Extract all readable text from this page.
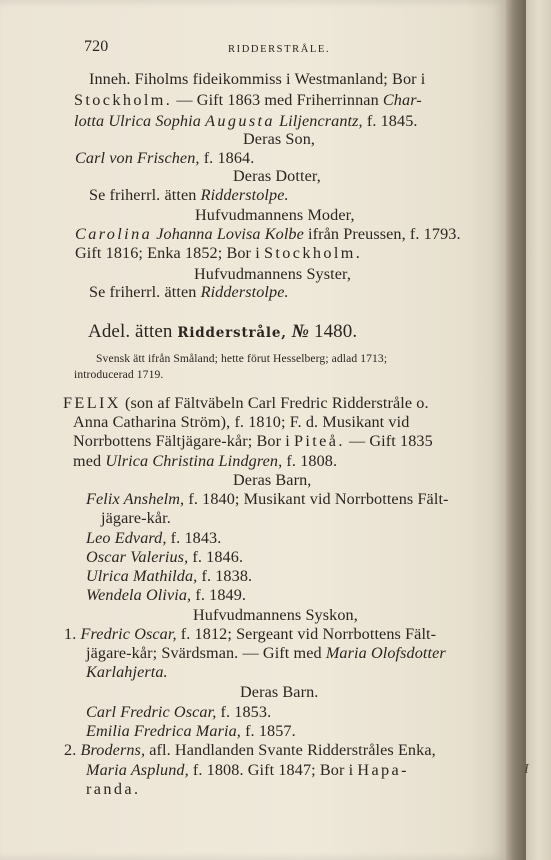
720	RIDDERSTRÅLE.
Inneh. Fiholms fideikommiss i Westmanland; Bor i
Stockholm. — Gift 1863 med Friherrinnan Char-
lotta Ulrica Sophia Augusta Liljencrantz, f. 1845.
Deras Son,
Carl von Frischen, f. 1864.
Deras Dotter,
Se friherrl. ätten Ridderstolpe.
Hufvudmannens Moder,
Carolina Johanna Lovisa Kolbe ifrån Preussen, f. 1793.
Gift 1816; Enka 1852; Bor i Stockholm.
Hufvudmannens Syster,
Se friherrl. ätten Ridderstolpe.
Adel. ätten Ridderstråle, № 1480.
Svensk ätt ifrån Småland; hette förut Hesselberg; adlad 1713;
introducerad 1719.
FELIX (son af Fältväbeln Carl Fredric Ridderstråle o.
Anna Catharina Ström), f. 1810; F. d. Musikant vid
Norrbottens Fältjägare-kår; Bor i Piteå. — Gift 1835
med Ulrica Christina Lindgren, f. 1808.
Deras Barn,
Felix Anshelm, f. 1840; Musikant vid Norrbottens Fält-
jägare-kår.
Leo Edvard, f. 1843.
Oscar Valerius, f. 1846.
Ulrica Mathilda, f. 1838.
Wendela Olivia, f. 1849.
Hufvudmannens Syskon,
1. Fredric Oscar, f. 1812; Sergeant vid Norrbottens Fält-
jägare-kår; Svärdsman. — Gift med Maria Olofsdotter
Karlahjerta.
Deras Barn.
Carl Fredric Oscar, f. 1853.
Emilia Fredrica Maria, f. 1857.
2. Broderns, afl. Handlanden Svante Ridderstråles Enka,
Maria Asplund, f. 1808. Gift 1847; Bor i Hapa-
randa.
I
